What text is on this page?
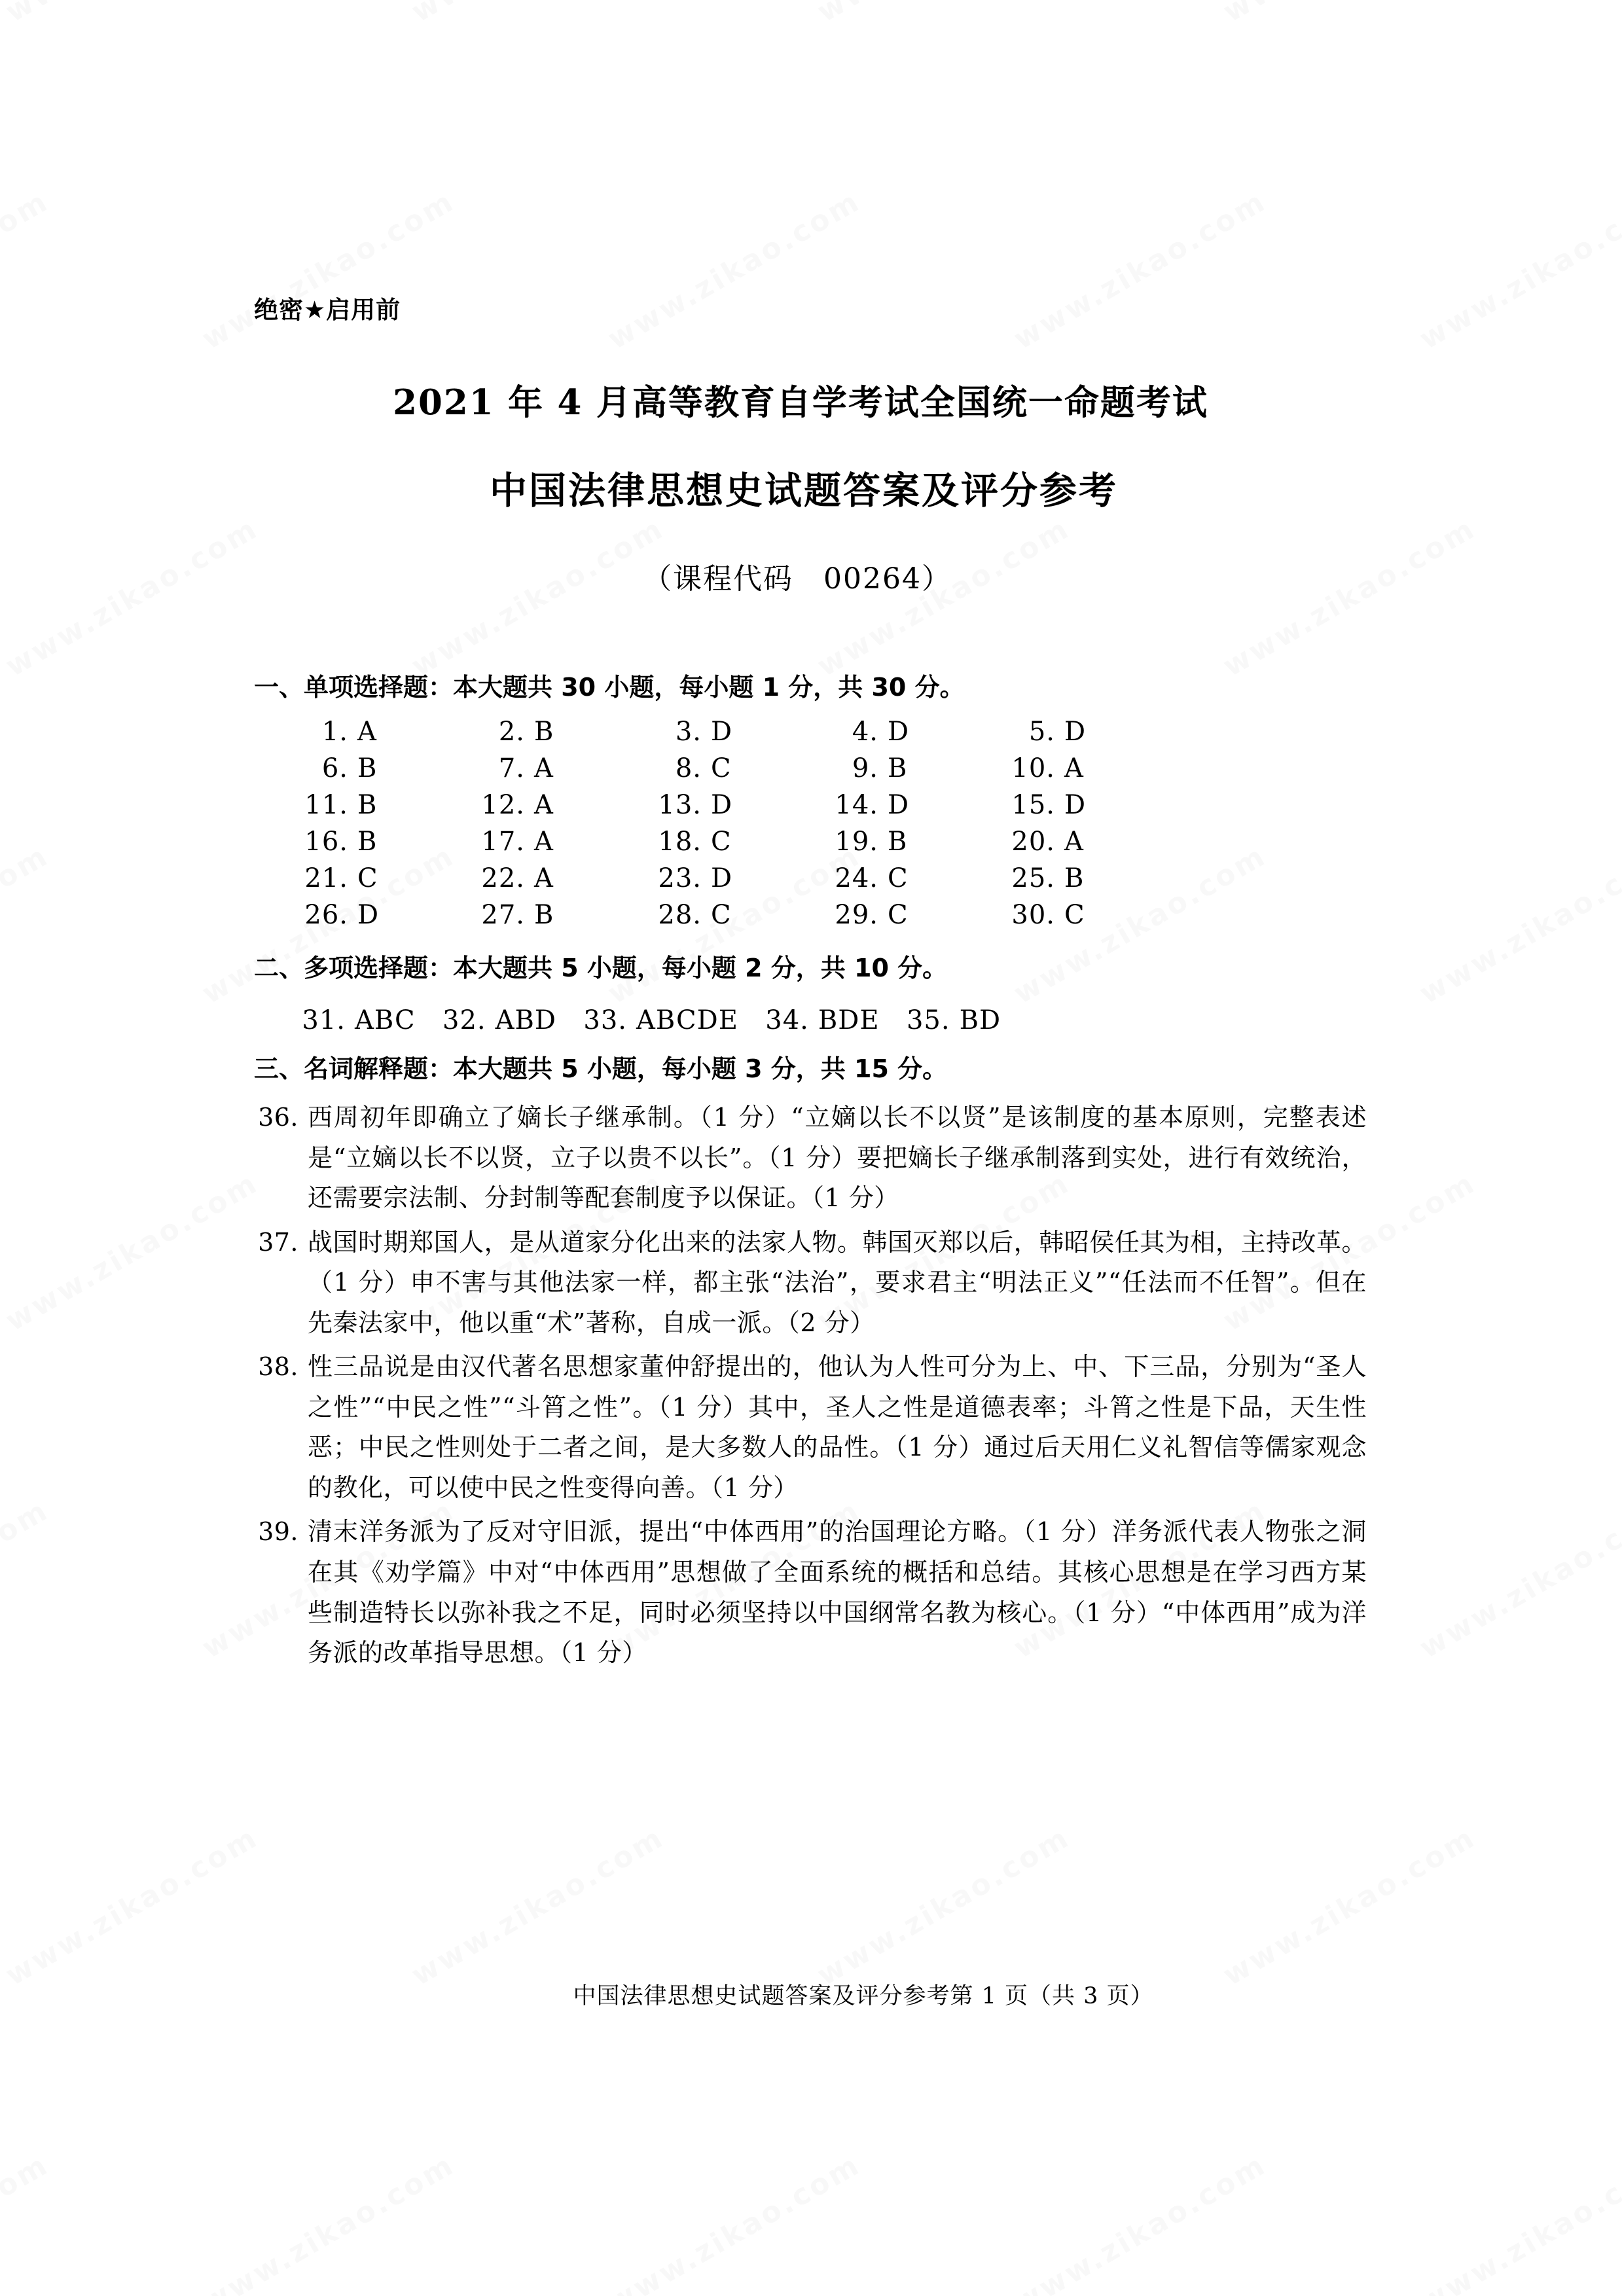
绝密★启用前
2021 年 4 月高等教育自学考试全国统一命题考试
中国法律思想史试题答案及评分参考
（课程代码　00264）
一、单项选择题：本大题共 30 小题，每小题 1 分，共 30 分。
1. A	2. B	3. D	4. D	5. D
6. B	7. A	8. C	9. B	10. A
11. B	12. A	13. D	14. D	15. D
16. B	17. A	18. C	19. B	20. A
21. C	22. A	23. D	24. C	25. B
26. D	27. B	28. C	29. C	30. C
二、多项选择题：本大题共 5 小题，每小题 2 分，共 10 分。
31. ABC 32. ABD 33. ABCDE 34. BDE 35. BD
三、名词解释题：本大题共 5 小题，每小题 3 分，共 15 分。
36. 西周初年即确立了嫡长子继承制。（1 分）“立嫡以长不以贤”是该制度的基本原则，完整表述是“立嫡以长不以贤，立子以贵不以长”。（1 分）要把嫡长子继承制落到实处，进行有效统治，还需要宗法制、分封制等配套制度予以保证。（1 分）
37. 战国时期郑国人，是从道家分化出来的法家人物。韩国灭郑以后，韩昭侯任其为相，主持改革。（1 分）申不害与其他法家一样，都主张“法治”，要求君主“明法正义”“任法而不任智”。但在先秦法家中，他以重“术”著称，自成一派。（2 分）
38. 性三品说是由汉代著名思想家董仲舒提出的，他认为人性可分为上、中、下三品，分别为“圣人之性”“中民之性”“斗筲之性”。（1 分）其中，圣人之性是道德表率；斗筲之性是下品，天生性恶；中民之性则处于二者之间，是大多数人的品性。（1 分）通过后天用仁义礼智信等儒家观念的教化，可以使中民之性变得向善。（1 分）
39. 清末洋务派为了反对守旧派，提出“中体西用”的治国理论方略。（1 分）洋务派代表人物张之洞在其《劝学篇》中对“中体西用”思想做了全面系统的概括和总结。其核心思想是在学习西方某些制造特长以弥补我之不足，同时必须坚持以中国纲常名教为核心。（1 分）“中体西用”成为洋务派的改革指导思想。（1 分）
中国法律思想史试题答案及评分参考第 1 页（共 3 页）
